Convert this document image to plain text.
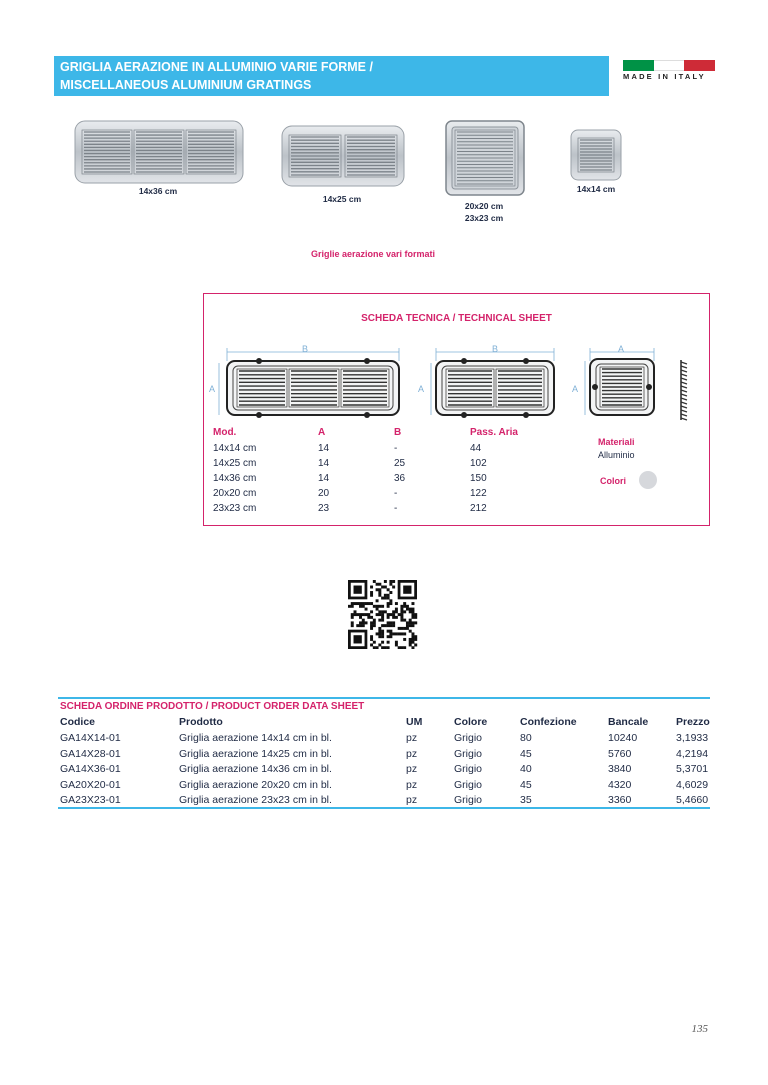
GRIGLIA AERAZIONE IN ALLUMINIO VARIE FORME /
MISCELLANEOUS ALUMINIUM GRATINGS
MADE IN ITALY
14x36 cm
14x25 cm
20x20 cm
23x23 cm
14x14 cm
Griglie aerazione vari formati
SCHEDA TECNICA / TECHNICAL SHEET
B
A
B
A
A
A
Mod.	A	B	Pass. Aria
14x14 cm	14	-	44
14x25 cm	14	25	102
14x36 cm	14	36	150
20x20 cm	20	-	122
23x23 cm	23	-	212
Materiali
Alluminio
Colori
SCHEDA ORDINE PRODOTTO / PRODUCT ORDER DATA SHEET
Codice	Prodotto	UM	Colore	Confezione	Bancale	Prezzo
GA14X14-01	Griglia aerazione 14x14 cm in bl.	pz	Grigio	80	10240	3,1933
GA14X28-01	Griglia aerazione 14x25 cm in bl.	pz	Grigio	45	5760	4,2194
GA14X36-01	Griglia aerazione 14x36 cm in bl.	pz	Grigio	40	3840	5,3701
GA20X20-01	Griglia aerazione 20x20 cm in bl.	pz	Grigio	45	4320	4,6029
GA23X23-01	Griglia aerazione 23x23 cm in bl.	pz	Grigio	35	3360	5,4660
135
